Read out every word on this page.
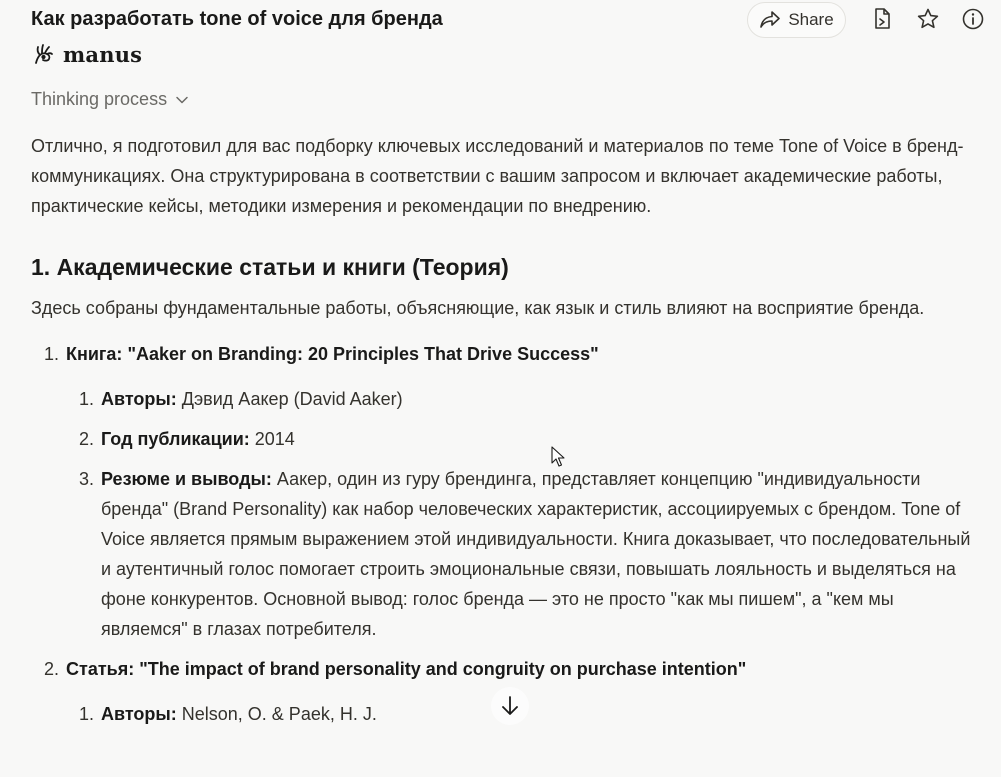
Как разработать tone of voice для бренда
manus
Share
Thinking process

Отлично, я подготовил для вас подборку ключевых исследований и материалов по теме Tone of Voice в бренд-коммуникациях. Она структурирована в соответствии с вашим запросом и включает академические работы, практические кейсы, методики измерения и рекомендации по внедрению.

1. Академические статьи и книги (Теория)

Здесь собраны фундаментальные работы, объясняющие, как язык и стиль влияют на восприятие бренда.

1. Книга: "Aaker on Branding: 20 Principles That Drive Success"
1. Авторы: Дэвид Аакер (David Aaker)
2. Год публикации: 2014
3. Резюме и выводы: Аакер, один из гуру брендинга, представляет концепцию "индивидуальности бренда" (Brand Personality) как набор человеческих характеристик, ассоциируемых с брендом. Tone of Voice является прямым выражением этой индивидуальности. Книга доказывает, что последовательный и аутентичный голос помогает строить эмоциональные связи, повышать лояльность и выделяться на фоне конкурентов. Основной вывод: голос бренда — это не просто "как мы пишем", а "кем мы являемся" в глазах потребителя.
2. Статья: "The impact of brand personality and congruity on purchase intention"
1. Авторы: Nelson, O. & Paek, H. J.
